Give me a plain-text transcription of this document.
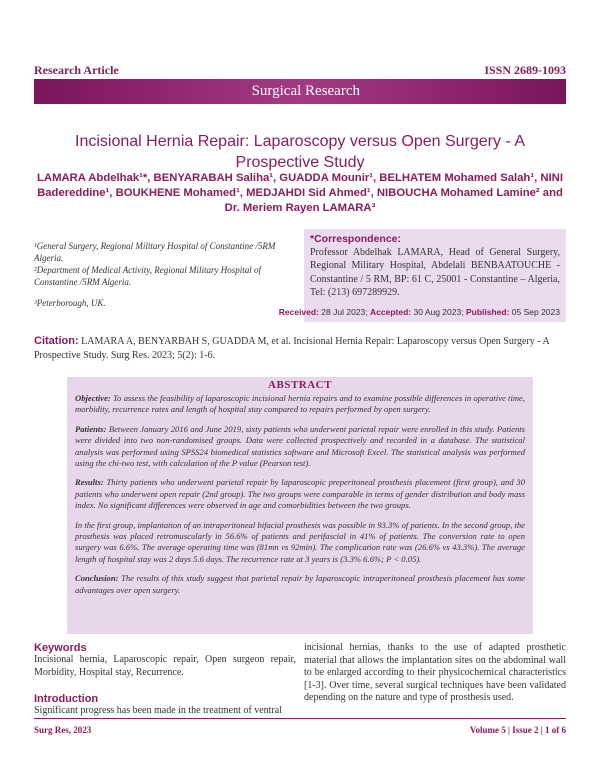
Research Article	ISSN 2689-1093
Surgical Research
Incisional Hernia Repair: Laparoscopy versus Open Surgery - A Prospective Study
LAMARA Abdelhak¹*, BENYARABAH Saliha¹, GUADDA Mounir¹, BELHATEM Mohamed Salah¹, NINI Badereddine¹, BOUKHENE Mohamed¹, MEDJAHDI Sid Ahmed¹, NIBOUCHA Mohamed Lamine² and Dr. Meriem Rayen LAMARA³
¹General Surgery, Regional Military Hospital of Constantine /5RM Algeria.
²Department of Medical Activity, Regional Military Hospital of Constantine /5RM Algeria.
³Peterborough, UK.
*Correspondence:
Professor Abdelhak LAMARA, Head of General Surgery, Regional Military Hospital, Abdelali BENBAATOUCHE - Constantine / 5 RM, BP: 61 C, 25001 - Constantine – Algeria, Tel: (213) 697289929.
Received: 28 Jul 2023; Accepted: 30 Aug 2023; Published: 05 Sep 2023
Citation: LAMARA A, BENYARBAH S, GUADDA M, et al. Incisional Hernia Repair: Laparoscopy versus Open Surgery - A Prospective Study. Surg Res. 2023; 5(2): 1-6.
ABSTRACT

Objective: To assess the feasibility of laparoscopic incisional hernia repairs and to examine possible differences in operative time, morbidity, recurrence rates and length of hospital stay compared to repairs performed by open surgery.

Patients: Between January 2016 and June 2019, sixty patients who underwent parietal repair were enrolled in this study. Patients were divided into two non-randomised groups. Data were collected prospectively and recorded in a database. The statistical analysis was performed using SPSS24 biomedical statistics software and Microsoft Excel. The statistical analysis was performed using the chi-two test, with calculation of the P value (Pearson test).

Results: Thirty patients who underwent parietal repair by laparoscopic preperitoneal prosthesis placement (first group), and 30 patients who underwent open repair (2nd group). The two groups were comparable in terms of gender distribution and body mass index. No significant differences were observed in age and comorbidities between the two groups.

In the first group, implantation of an intraperitoneal bifacial prosthesis was possible in 93.3% of patients. In the second group, the prosthesis was placed retromuscularly in 56.6% of patients and perifascial in 41% of patients. The conversion rate to open surgery was 6.6%. The average operating time was (81mn vs 92min). The complication rate was (26.6% vs 43.3%). The average length of hospital stay was 2 days 5.6 days. The recurrence rate at 3 years is (3.3% 6.6%; P < 0.05).

Conclusion: The results of this study suggest that parietal repair by laparoscopic intraperitoneal prosthesis placement has some advantages over open surgery.

Keywords
Incisional hernia, Laparoscopic repair, Open surgeon repair, Morbidity, Hospital stay, Recurrence.
Introduction
Significant progress has been made in the treatment of ventral
incisional hernias, thanks to the use of adapted prosthetic material that allows the implantation sites on the abdominal wall to be enlarged according to their physicochemical characteristics [1-3]. Over time, several surgical techniques have been validated depending on the nature and type of prosthesis used.
Surg Res, 2023	Volume 5 | Issue 2 | 1 of 6
